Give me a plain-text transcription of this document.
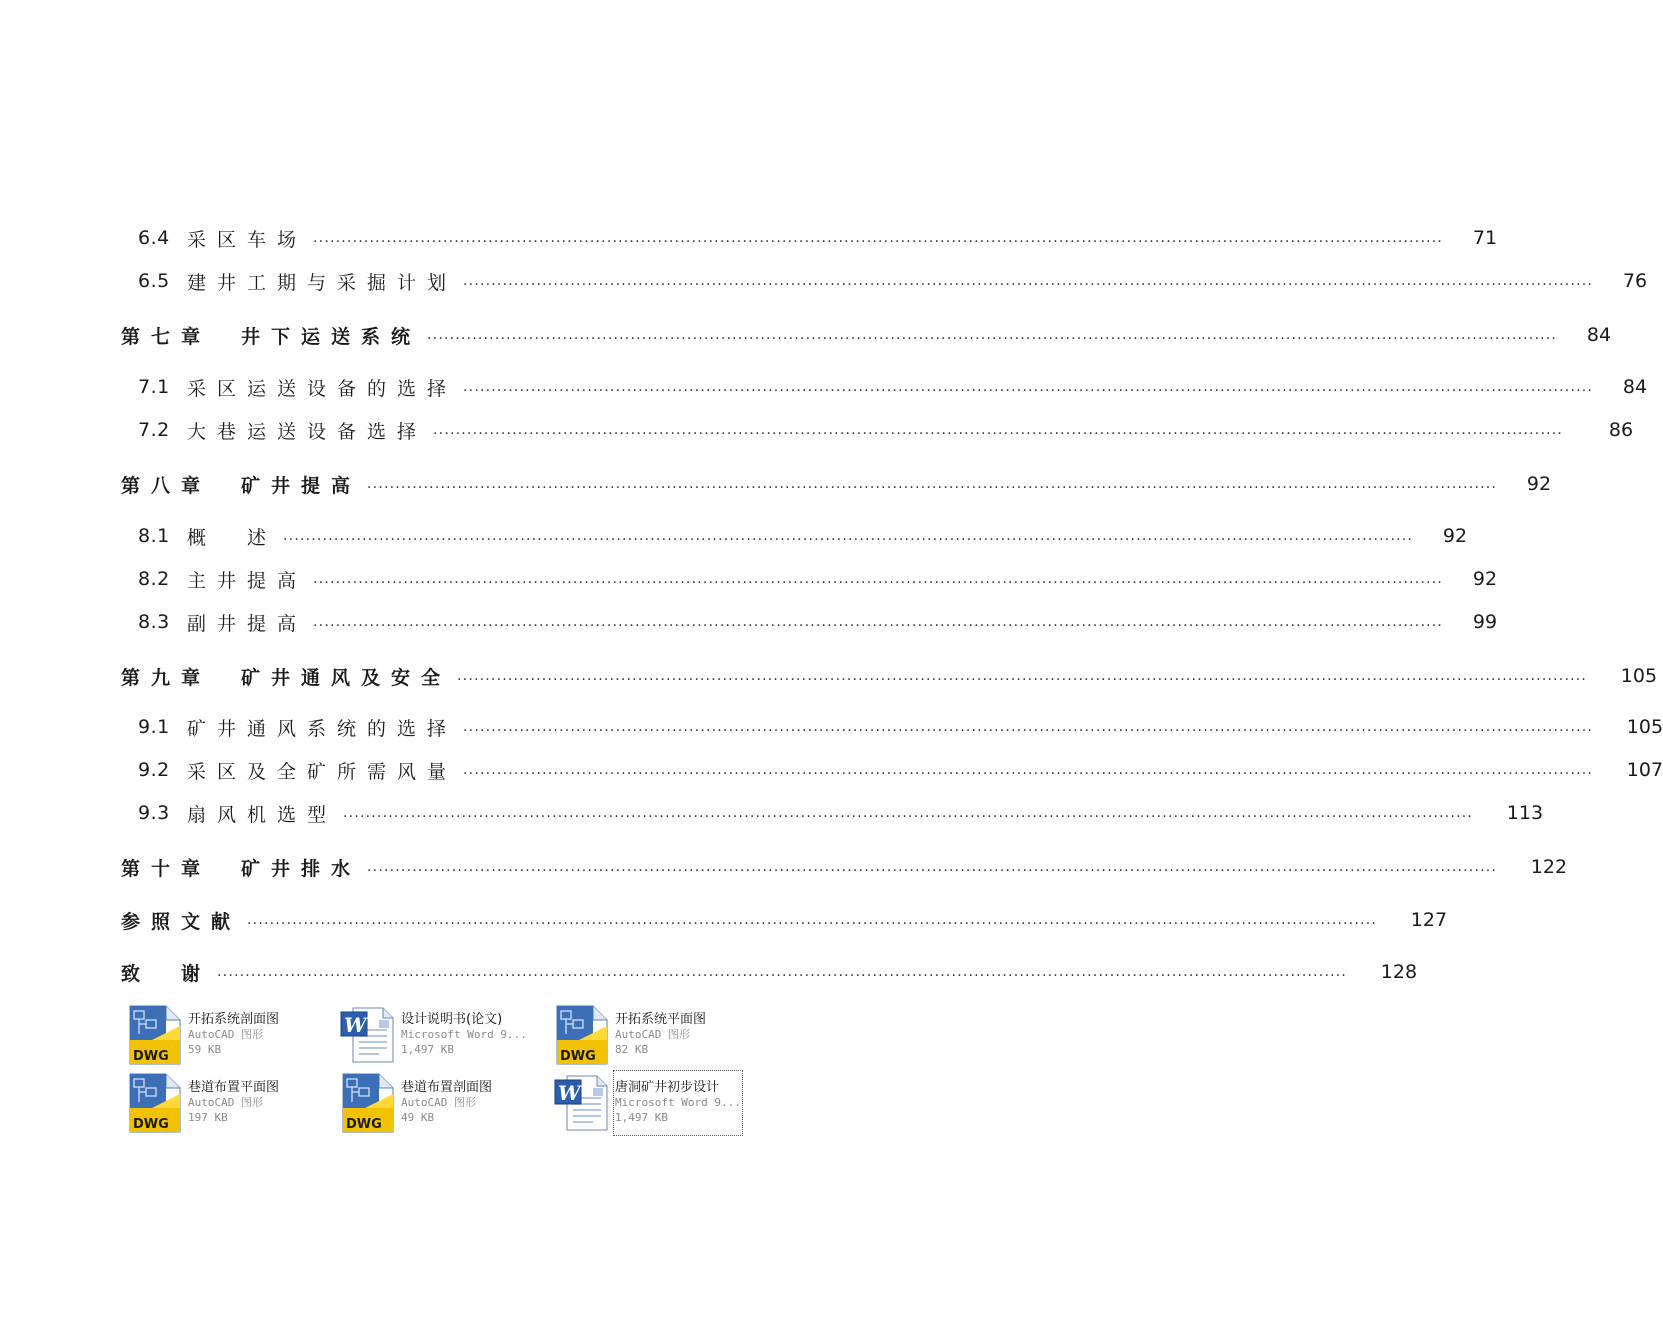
6.4 采区车场 ........................................................................................................................................................................................................	71
6.5 建井工期与采掘计划 ........................................................................................................................................................................................................	76
第七章　井下运送系统 ........................................................................................................................................................................................................	84
7.1 采区运送设备的选择 ........................................................................................................................................................................................................	84
7.2 大巷运送设备选择 ........................................................................................................................................................................................................	86
第八章　矿井提高 ........................................................................................................................................................................................................	92
8.1 概　述 ........................................................................................................................................................................................................	92
8.2 主井提高 ........................................................................................................................................................................................................	92
8.3 副井提高 ........................................................................................................................................................................................................	99
第九章　矿井通风及安全 ........................................................................................................................................................................................................	105
9.1 矿井通风系统的选择 ........................................................................................................................................................................................................	105
9.2 采区及全矿所需风量 ........................................................................................................................................................................................................	107
9.3 扇风机选型 ........................................................................................................................................................................................................	113
第十章　矿井排水 ........................................................................................................................................................................................................	122
参照文献 ........................................................................................................................................................................................................	127
致　谢 ........................................................................................................................................................................................................	128
DWG
开拓系统剖面图
AutoCAD 图形
59 KB
W	设计说明书(论文)
Microsoft Word 9...
1,497 KB	DWG
开拓系统平面图
AutoCAD 图形
82 KB
DWG
巷道布置平面图
AutoCAD 图形
197 KB	DWG
巷道布置剖面图
AutoCAD 图形
49 KB
W	唐洞矿井初步设计
Microsoft Word 9...
1,497 KB
